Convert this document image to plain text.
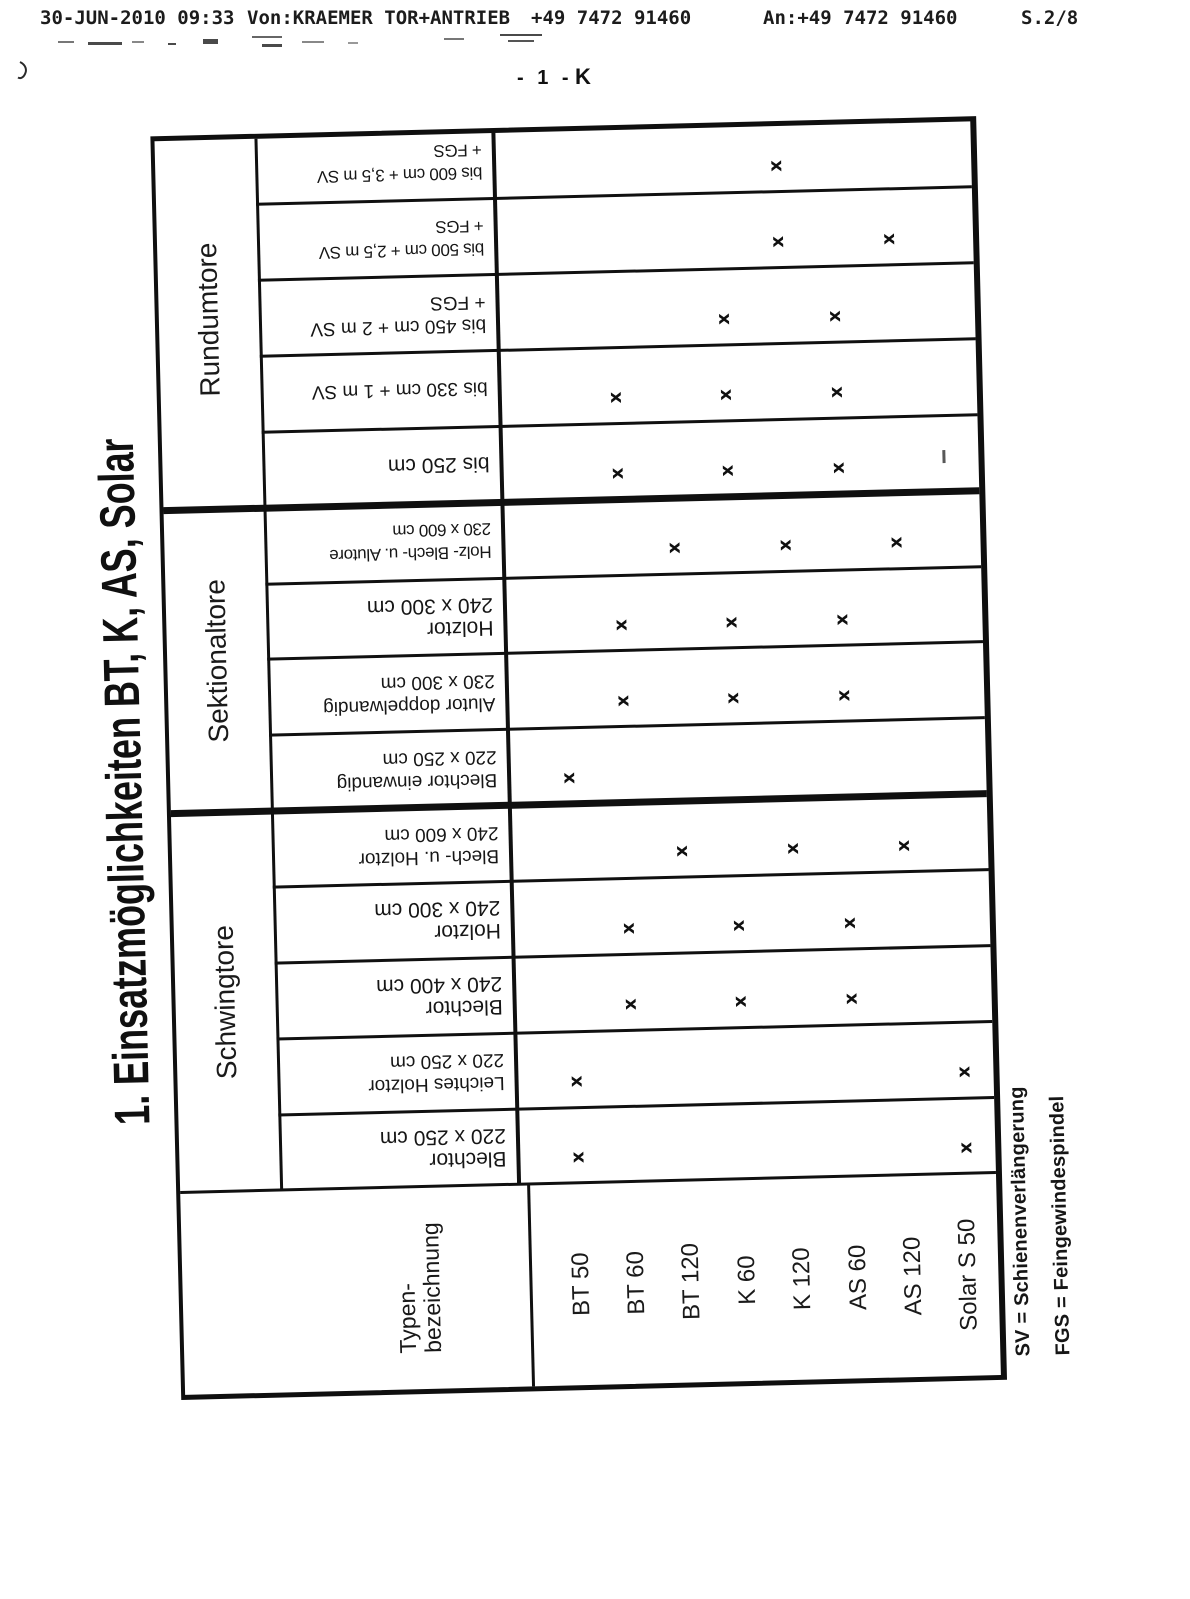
30-JUN-2010 09:33 Von:KRAEMER TOR+ANTRIEB +49 7472 91460	An:+49 7472 91460	S.2/8
- 1 - K
1. Einsatzmöglichkeiten BT, K, AS, Solar
Typen-
bezeichnung
Schwingtore
Blechtor
220 x 250 cm
Leichtes Holztor
220 x 250 cm
Blechtor
240 x 400 cm
Holztor
240 x 300 cm
Blech- u. Holztor
240 x 600 cm
Sektionaltore
Blechtor einwandig
220 x 250 cm
Alutor doppelwandig
230 x 300 cm
Holztor
240 x 300 cm
Holz- Blech- u. Alutore
230 x 600 cm
Rundumtore
bis 250 cm
bis 330 cm + 1 m SV
bis 450 cm + 2 m SV
+ FGS
bis 500 cm + 2,5 m SV
+ FGS
bis 600 cm + 3,5 m SV
+ FGS
BT 50
x
x
x
BT 60
x
x
x
x
x
x
BT 120
x
x
K 60
x
x
x
x
x
x
x
K 120
x
x
x
x
AS 60
x
x
x
x
x
x
x
AS 120
x
x
x
Solar S 50
x
x
SV = Schienenverlängerung FGS = Feingewindespindel
